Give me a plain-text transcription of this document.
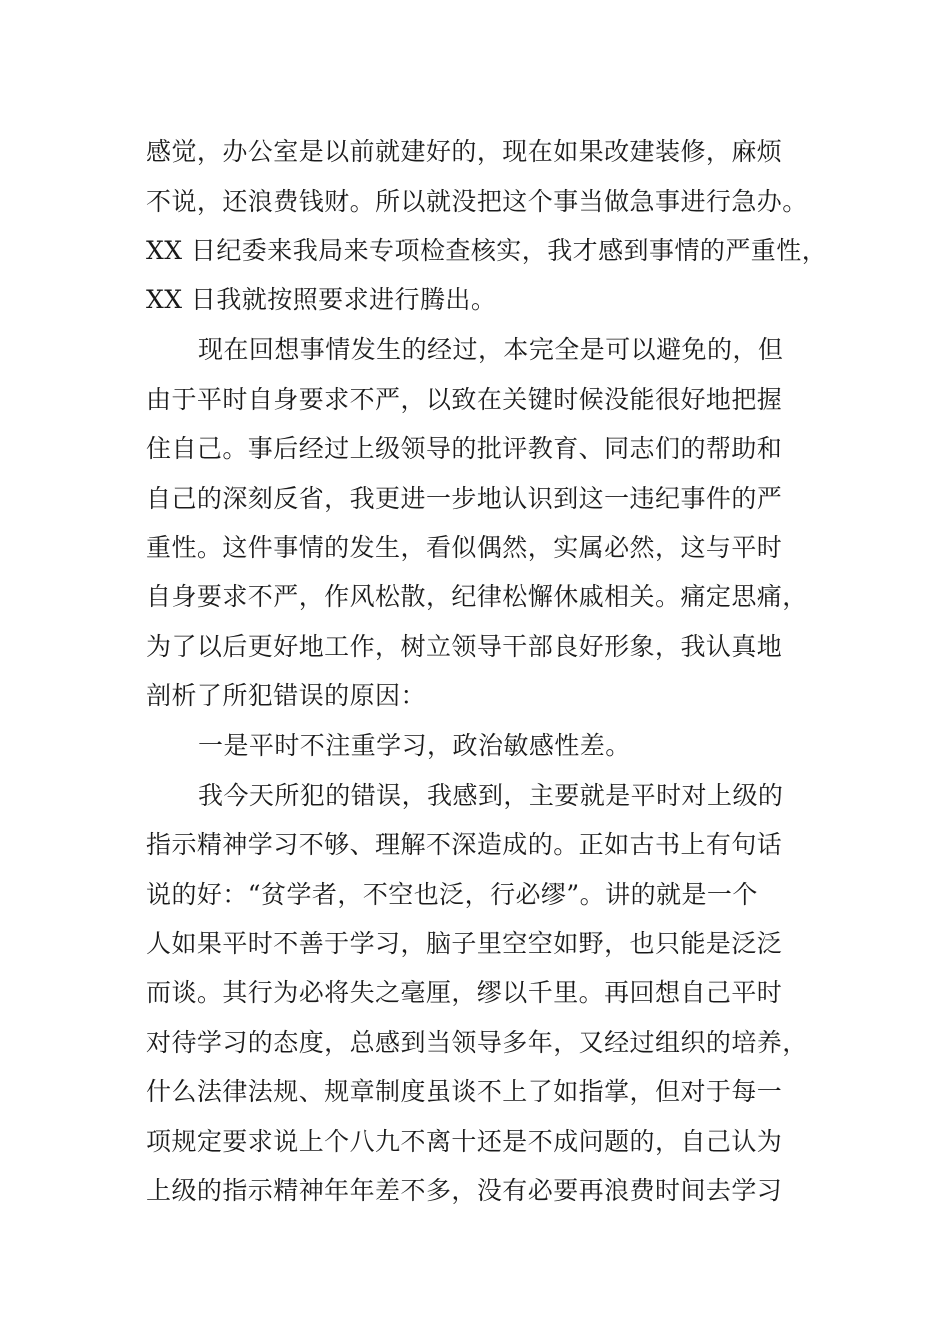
感觉，办公室是以前就建好的，现在如果改建装修，麻烦
不说，还浪费钱财。所以就没把这个事当做急事进行急办。
XX 日纪委来我局来专项检查核实，我才感到事情的严重性，
XX 日我就按照要求进行腾出。
现在回想事情发生的经过，本完全是可以避免的，但
由于平时自身要求不严，以致在关键时候没能很好地把握
住自己。事后经过上级领导的批评教育、同志们的帮助和
自己的深刻反省，我更进一步地认识到这一违纪事件的严
重性。这件事情的发生，看似偶然，实属必然，这与平时
自身要求不严，作风松散，纪律松懈休戚相关。痛定思痛，
为了以后更好地工作，树立领导干部良好形象，我认真地
剖析了所犯错误的原因：
一是平时不注重学习，政治敏感性差。
我今天所犯的错误，我感到，主要就是平时对上级的
指示精神学习不够、理解不深造成的。正如古书上有句话
说的好：“贫学者，不空也泛，行必缪”。讲的就是一个
人如果平时不善于学习，脑子里空空如野，也只能是泛泛
而谈。其行为必将失之毫厘，缪以千里。再回想自己平时
对待学习的态度，总感到当领导多年，又经过组织的培养，
什么法律法规、规章制度虽谈不上了如指掌，但对于每一
项规定要求说上个八九不离十还是不成问题的，自己认为
上级的指示精神年年差不多，没有必要再浪费时间去学习
